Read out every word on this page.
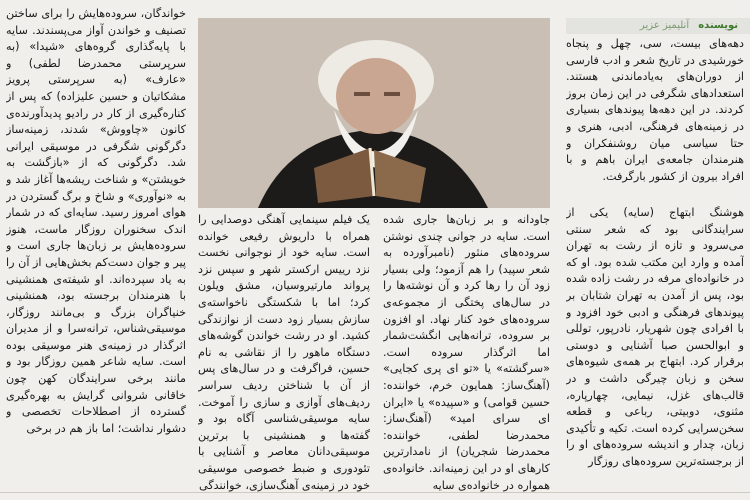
نویسنده آنلیمیز عزیر

دهه‌های بیست، سی، چهل و پنجاه خورشیدی در تاریخ شعر و ادب فارسی از دوران‌های به‌یادماندنی هستند. استعدادهای شگرفی در این زمان بروز کردند. در این دهه‌ها پیوندهای بسیاری در زمینه‌های فرهنگی، ادبی، هنری و حتا سیاسی میان روشنفکران و هنرمندان جامعه‌ی ایران باهم و با افراد بیرون از کشور بارگرفت.

هوشنگ ابتهاج (سایه) یکی از سرایندگانی بود که شعر سنتی می‌سرود و تازه از رشت به تهران آمده و وارد این مکتب شده بود. او که در خانواده‌ای مرفه در رشت زاده شده بود، پس از آمدن به تهران شتابان بر پیوندهای فرهنگی و ادبی خود افزود و با افرادی چون شهریار، نادرپور، توللی و ابوالحسن صبا آشنایی و دوستی برقرار کرد. ابتهاج بر همه‌ی شیوه‌های سخن و زبان چیرگی داشت و در قالب‌های غزل، نیمایی، چهارپاره، مثنوی، دوبیتی، رباعی و قطعه سخن‌سرایی کرده است. تکیه و تأکیدی زبان، چدار و اندیشه سروده‌های او را از برجسته‌ترین سروده‌های روزگار

جاودانه و بر زبان‌ها جاری شده است. سایه در جوانی چندی نوشتن سروده‌های منثور (نامبرآورده به شعر سپید) را هم آزمود؛ ولی بسیار زود آن را رها کرد و آن نوشته‌ها را در سال‌های پختگی از مجموعه‌ی سروده‌های خود کنار نهاد. او افزون بر سروده، ترانه‌هایی انگشت‌شمار اما اثرگذار سروده است. «سرگشته» یا «تو ای پری کجایی» (آهنگ‌ساز: همایون خرم، خواننده: حسین قوامی) و «سپیده» یا «ایران ای سرای امید» (آهنگ‌ساز: محمدرضا لطفی، خواننده: محمدرضا شجریان) از نامدارترین کارهای او در این زمینه‌اند. خانواده‌ی همواره در خانواده‌ی سایه

یک فیلم سینمایی آهنگی دوصدایی را همراه با داریوش رفیعی خوانده است. سایه خود از نوجوانی نخست نزد رییس ارکستر شهر و سپس نزد پرواند مارتیروسیان، مشق ویلون کرد؛ اما با شکستگی ناخواسته‌ی سازش بسیار زود دست از نوازندگی کشید. او در رشت خواندن گوشه‌های دستگاه ماهور را از نقاشی به نام حسین، فراگرفت و در سال‌های پس از آن با شناختن ردیف سراسر ردیف‌های آوازی و سازی را آموخت. سایه موسیقی‌شناسی آگاه بود و گفته‌ها و همنشینی با برترین موسیقی‌دانان معاصر و آشنایی با تئودوری و ضبط خصوصی موسیقی خود در زمینه‌ی آهنگ‌سازی، خوانندگی

خواندگان، سروده‌هایش را برای ساختن تصنیف و خواندن آواز می‌پسندند. سایه با پایه‌گذاری گروه‌های «شیدا» (به سرپرستی محمدرضا لطفی) و «عارف» (به سرپرستی پرویز مشکاتیان و حسین علیزاده) که پس از کناره‌گیری از کار در رادیو پدیدآورنده‌ی کانون «چاووش» شدند، زمینه‌ساز دگرگونی شگرفی در موسیقی ایرانی شد. دگرگونی که از «بازگشت به خویشتن» و شناخت ریشه‌ها آغاز شد و به «نوآوری» و شاخ و برگ گستردن در هوای امروز رسید. سایه‌ای که در شمار اندک سخنوران روزگار ماست، هنوز سروده‌هایش بر زبان‌ها جاری است و پیر و جوان دست‌کم بخش‌هایی از آن را به یاد سپرده‌اند. او شیفته‌ی همنشینی با هنرمندان برجسته بود، همنشینی خنیاگران بزرگ و بی‌مانند روزگار، موسیقی‌شناس، ترانه‌سرا و از مدیران اثرگذار در زمینه‌ی هنر موسیقی بوده است. سایه شاعر همین روزگار بود و مانند برخی سرایندگان کهن چون خاقانی شروانی گرایش به بهره‌گیری گسترده از اصطلاحات تخصصی و دشوار نداشت؛ اما باز هم در برخی
